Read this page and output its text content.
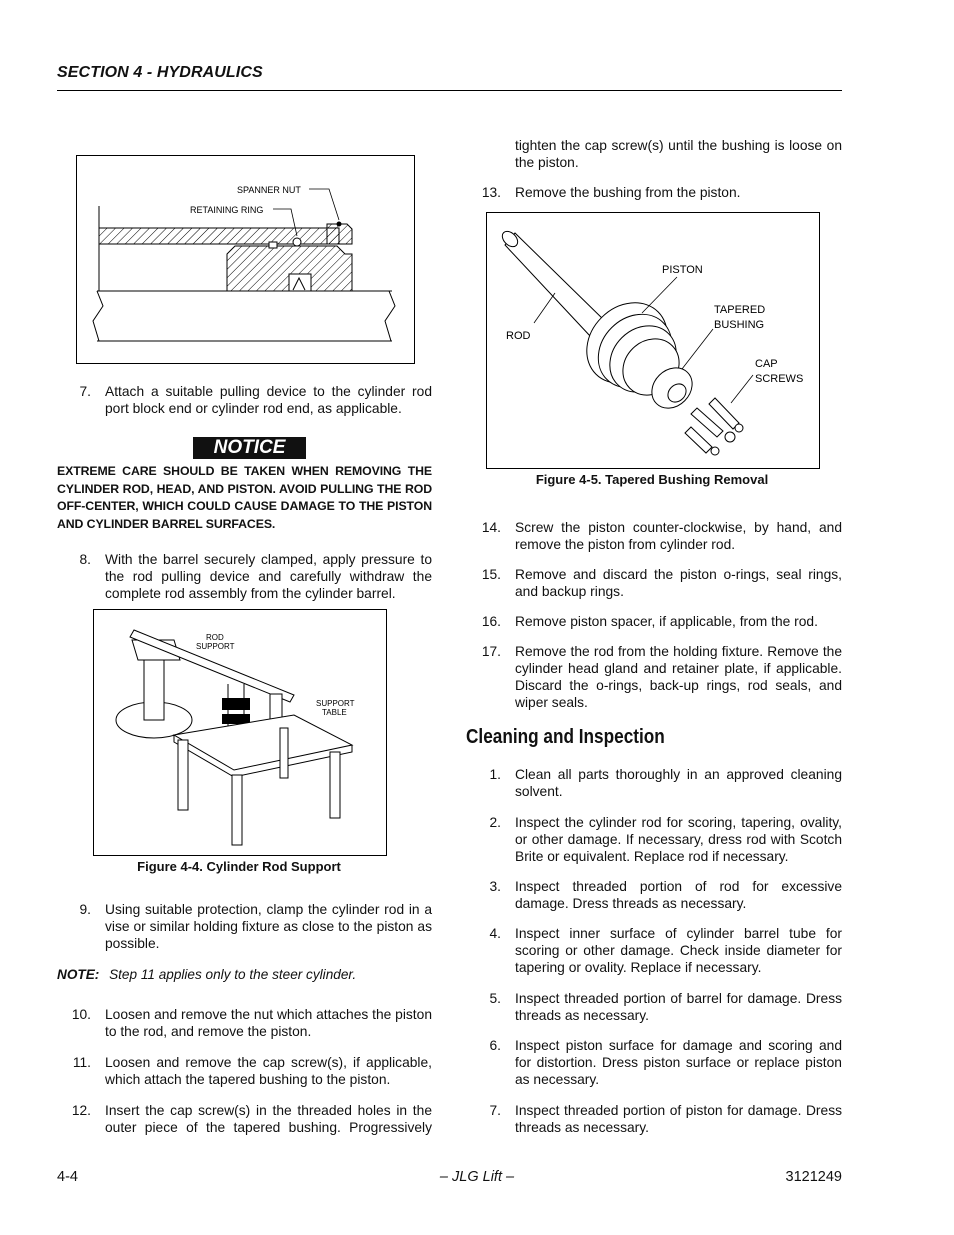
SECTION 4 - HYDRAULICS
SPANNER NUT
RETAINING RING
7. Attach a suitable pulling device to the cylinder rod port block end or cylinder rod end, as applicable.
NOTICE
EXTREME CARE SHOULD BE TAKEN WHEN REMOVING THE CYLINDER ROD, HEAD, AND PISTON. AVOID PULLING THE ROD OFF-CENTER, WHICH COULD CAUSE DAMAGE TO THE PISTON AND CYLINDER BARREL SURFACES.
8. With the barrel securely clamped, apply pressure to the rod pulling device and carefully withdraw the complete rod assembly from the cylinder barrel.
ROD
SUPPORT
SUPPORT
TABLE
Figure 4-4. Cylinder Rod Support
9. Using suitable protection, clamp the cylinder rod in a vise or similar holding fixture as close to the piston as possible.
NOTE: Step 11 applies only to the steer cylinder.
10. Loosen and remove the nut which attaches the piston to the rod, and remove the piston.
11. Loosen and remove the cap screw(s), if applicable, which attach the tapered bushing to the piston.
12. Insert the cap screw(s) in the threaded holes in the outer piece of the tapered bushing. Progressively
tighten the cap screw(s) until the bushing is loose on the piston.
13. Remove the bushing from the piston.
PISTON
TAPERED
BUSHING
ROD
CAP
SCREWS
Figure 4-5. Tapered Bushing Removal
14. Screw the piston counter-clockwise, by hand, and remove the piston from cylinder rod.
15. Remove and discard the piston o-rings, seal rings, and backup rings.
16. Remove piston spacer, if applicable, from the rod.
17. Remove the rod from the holding fixture. Remove the cylinder head gland and retainer plate, if applicable. Discard the o-rings, back-up rings, rod seals, and wiper seals.
Cleaning and Inspection
1. Clean all parts thoroughly in an approved cleaning solvent.
2. Inspect the cylinder rod for scoring, tapering, ovality, or other damage. If necessary, dress rod with Scotch Brite or equivalent. Replace rod if necessary.
3. Inspect threaded portion of rod for excessive damage. Dress threads as necessary.
4. Inspect inner surface of cylinder barrel tube for scoring or other damage. Check inside diameter for tapering or ovality. Replace if necessary.
5. Inspect threaded portion of barrel for damage. Dress threads as necessary.
6. Inspect piston surface for damage and scoring and for distortion. Dress piston surface or replace piston as necessary.
7. Inspect threaded portion of piston for damage. Dress threads as necessary.
4-4	– JLG Lift –	3121249
